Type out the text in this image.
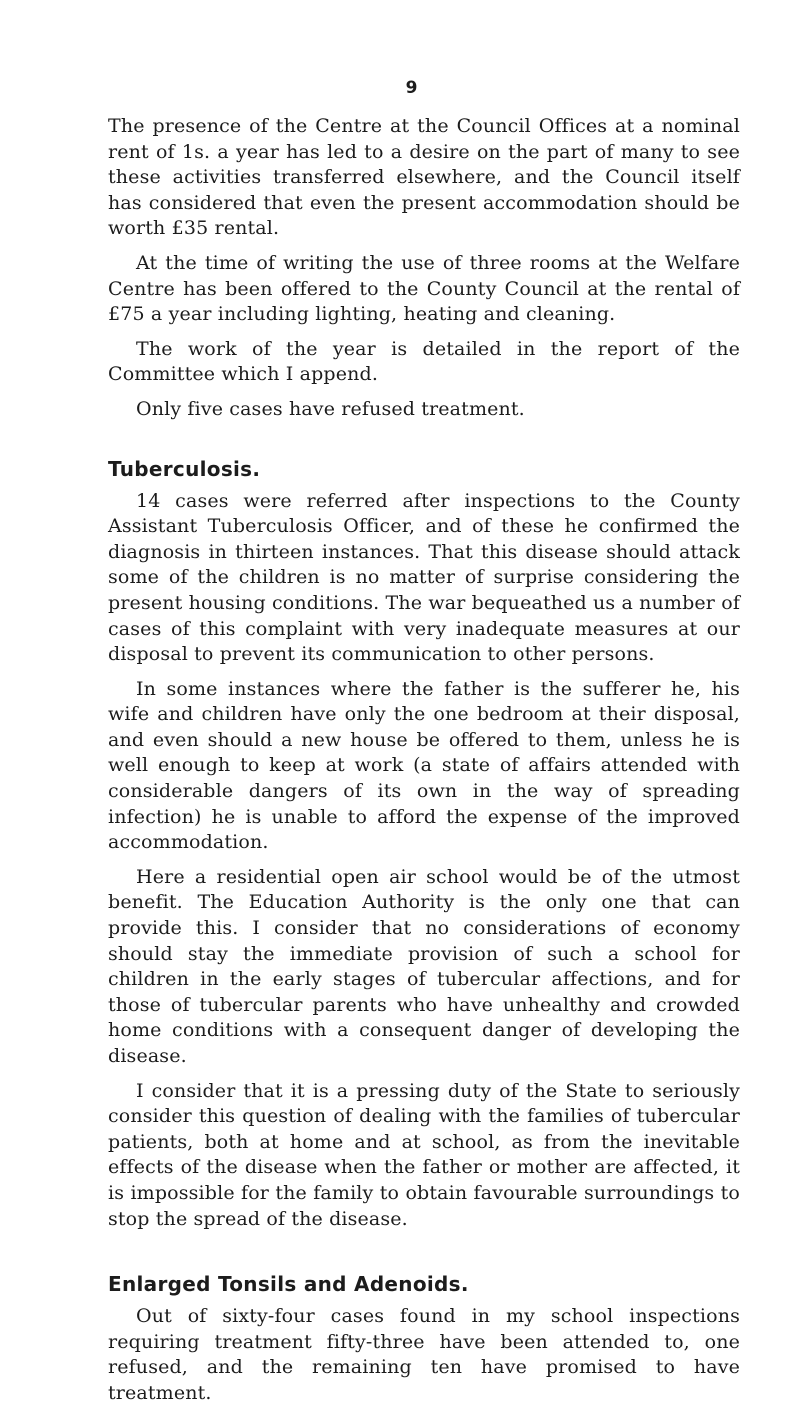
9

The presence of the Centre at the Council Offices at a nominal rent of 1s. a year has led to a desire on the part of many to see these activities transferred elsewhere, and the Council itself has considered that even the present accommodation should be worth £35 rental.

At the time of writing the use of three rooms at the Welfare Centre has been offered to the County Council at the rental of £75 a year including lighting, heating and cleaning.

The work of the year is detailed in the report of the Committee which I append.

Only five cases have refused treatment.

Tuberculosis.

14 cases were referred after inspections to the County Assistant Tuberculosis Officer, and of these he confirmed the diagnosis in thirteen instances. That this disease should attack some of the children is no matter of surprise considering the present housing conditions. The war bequeathed us a number of cases of this complaint with very inadequate measures at our disposal to prevent its communication to other persons.

In some instances where the father is the sufferer he, his wife and children have only the one bedroom at their disposal, and even should a new house be offered to them, unless he is well enough to keep at work (a state of affairs attended with considerable dangers of its own in the way of spreading infection) he is unable to afford the expense of the improved accommodation.

Here a residential open air school would be of the utmost benefit. The Education Authority is the only one that can provide this. I consider that no considerations of economy should stay the immediate provision of such a school for children in the early stages of tubercular affections, and for those of tubercular parents who have unhealthy and crowded home conditions with a consequent danger of developing the disease.

I consider that it is a pressing duty of the State to seriously consider this question of dealing with the families of tubercular patients, both at home and at school, as from the inevitable effects of the disease when the father or mother are affected, it is impossible for the family to obtain favourable surroundings to stop the spread of the disease.

Enlarged Tonsils and Adenoids.

Out of sixty-four cases found in my school inspections requiring treatment fifty-three have been attended to, one refused, and the remaining ten have promised to have treatment.
